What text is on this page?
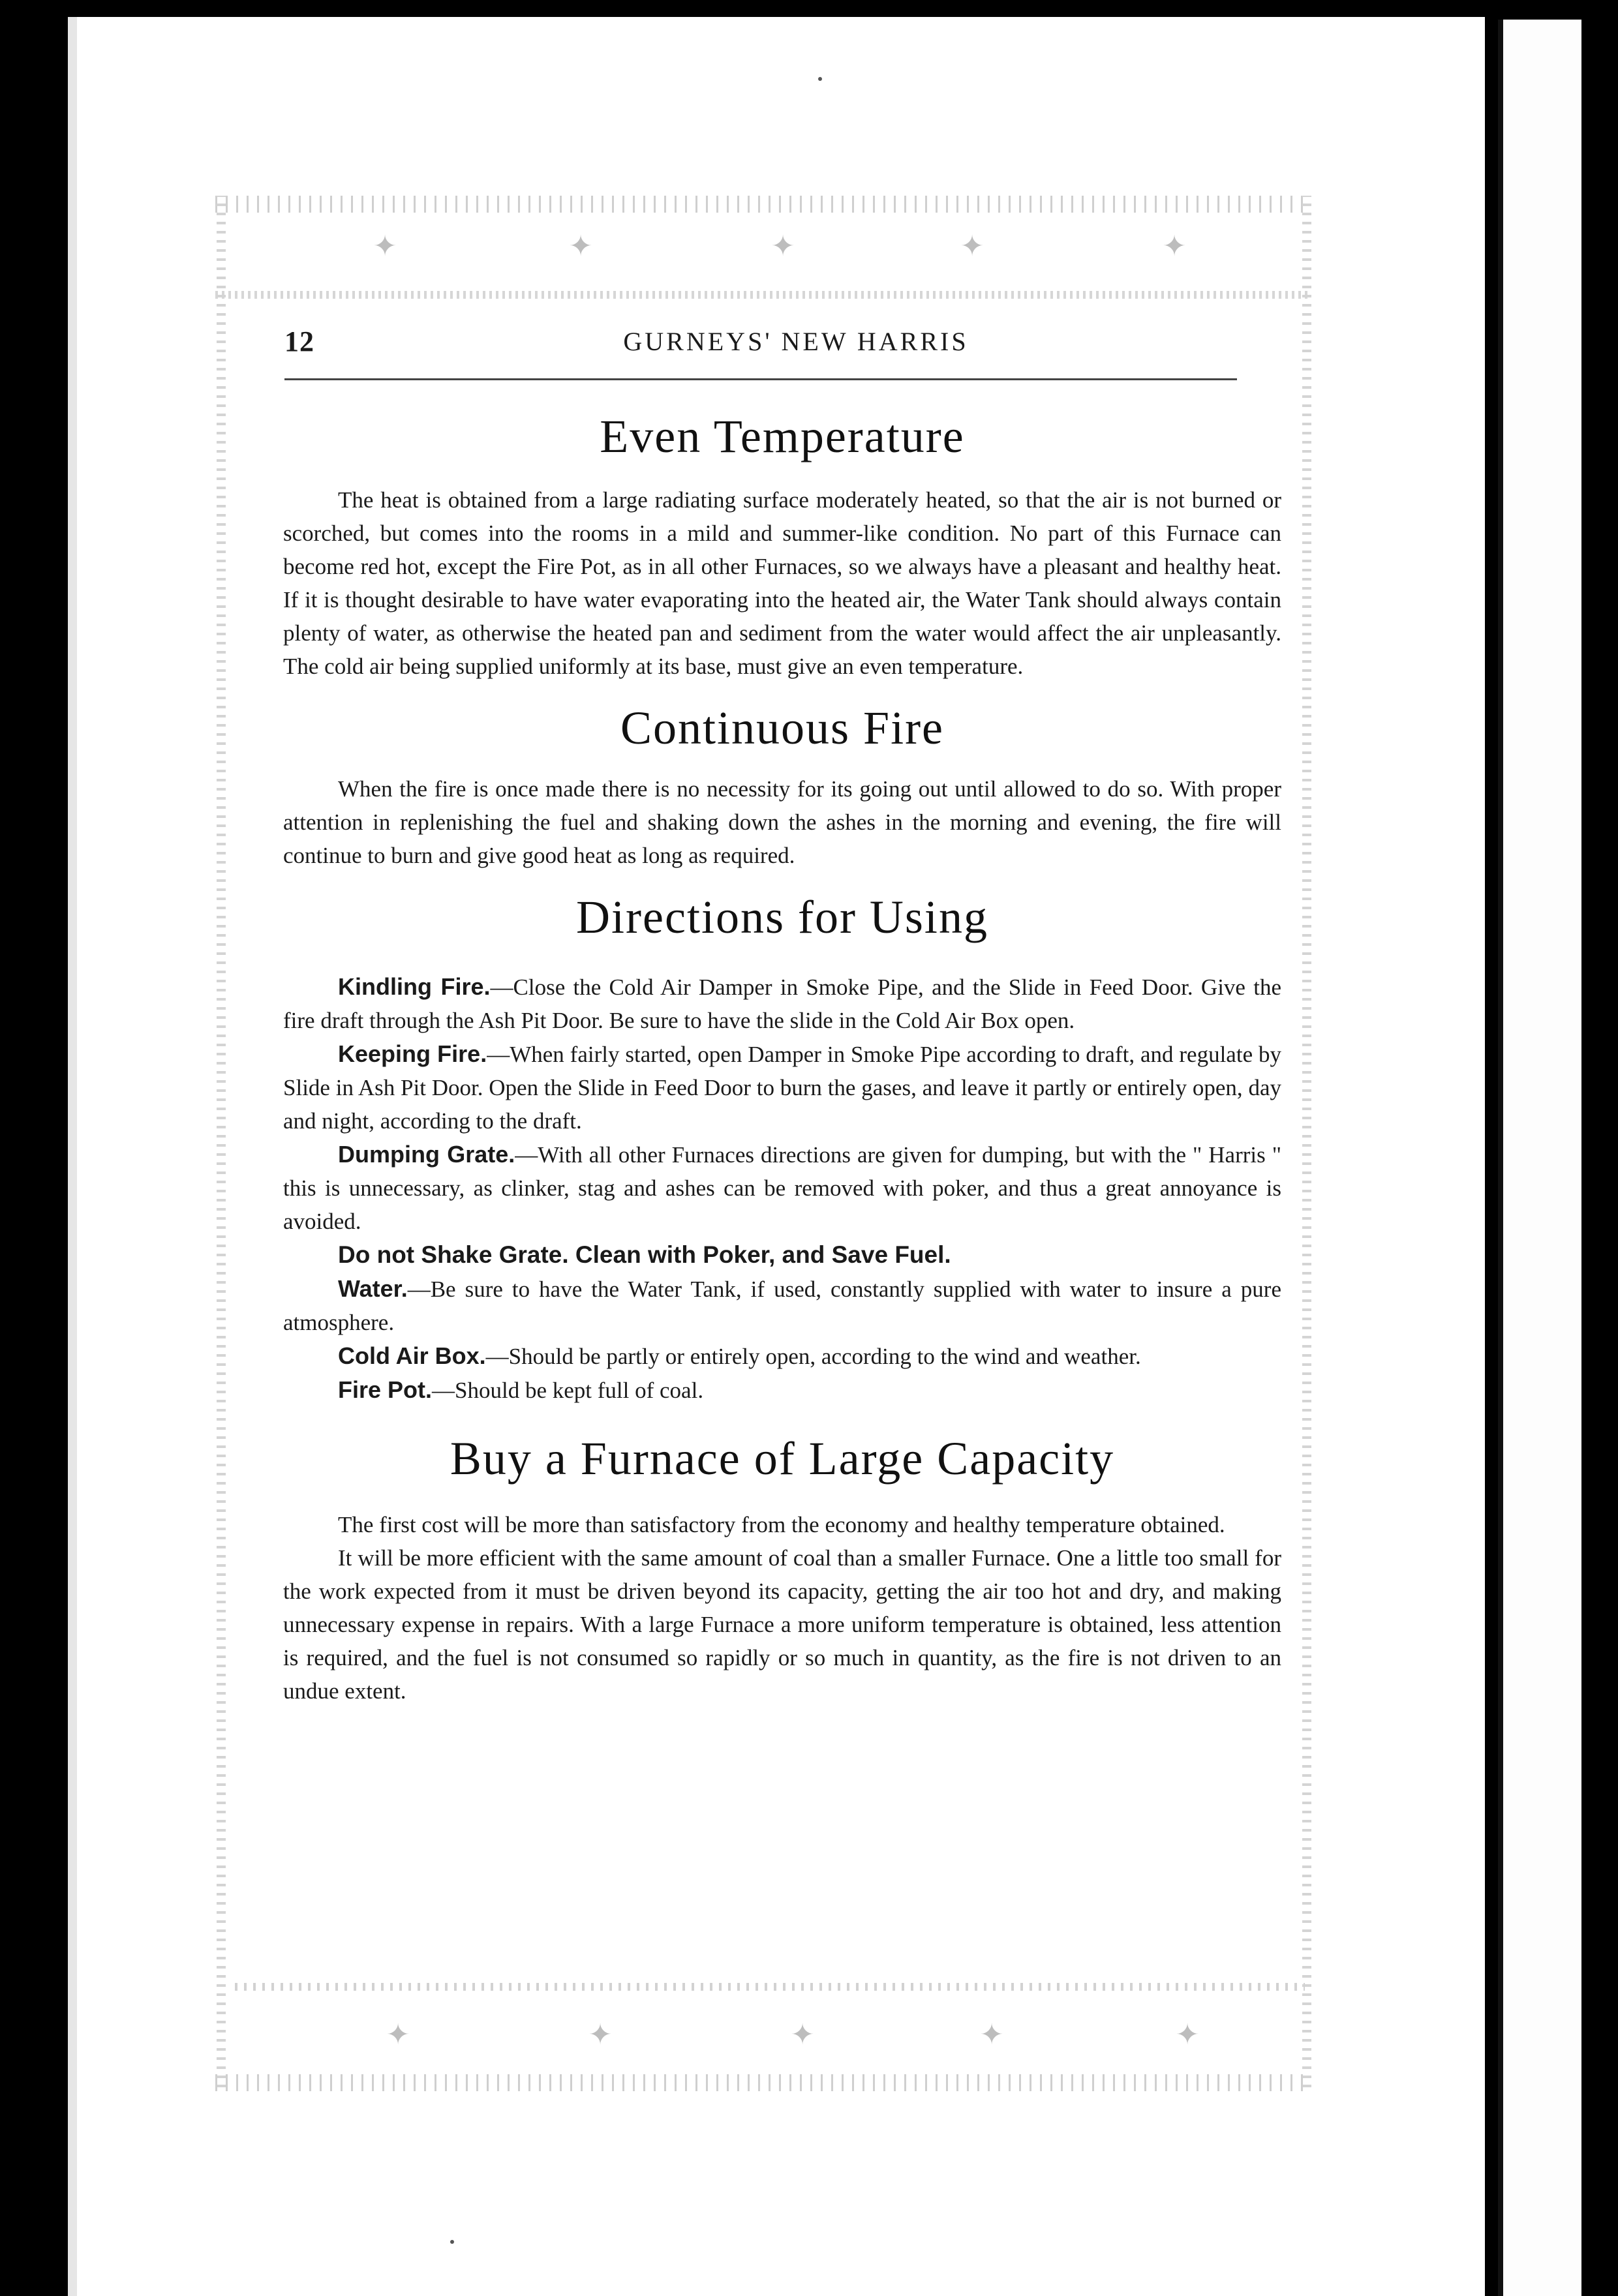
✦	✦	✦	✦	✦
12	GURNEYS' NEW HARRIS
Even Temperature

The heat is obtained from a large radiating surface moderately heated, so that the air is not burned or scorched, but comes into the rooms in a mild and summer-like condition. No part of this Furnace can become red hot, except the Fire Pot, as in all other Furnaces, so we always have a pleasant and healthy heat. If it is thought desirable to have water evaporating into the heated air, the Water Tank should always contain plenty of water, as otherwise the heated pan and sediment from the water would affect the air unpleasantly. The cold air being supplied uniformly at its base, must give an even temperature.

Continuous Fire

When the fire is once made there is no necessity for its going out until allowed to do so. With proper attention in replenishing the fuel and shaking down the ashes in the morning and evening, the fire will continue to burn and give good heat as long as required.

Directions for Using

Kindling Fire.—Close the Cold Air Damper in Smoke Pipe, and the Slide in Feed Door. Give the fire draft through the Ash Pit Door. Be sure to have the slide in the Cold Air Box open.

Keeping Fire.—When fairly started, open Damper in Smoke Pipe according to draft, and regulate by Slide in Ash Pit Door. Open the Slide in Feed Door to burn the gases, and leave it partly or entirely open, day and night, according to the draft.

Dumping Grate.—With all other Furnaces directions are given for dumping, but with the " Harris " this is unnecessary, as clinker, stag and ashes can be removed with poker, and thus a great annoyance is avoided.

Do not Shake Grate. Clean with Poker, and Save Fuel.

Water.—Be sure to have the Water Tank, if used, constantly supplied with water to insure a pure atmosphere.

Cold Air Box.—Should be partly or entirely open, according to the wind and weather.

Fire Pot.—Should be kept full of coal.

Buy a Furnace of Large Capacity

The first cost will be more than satisfactory from the economy and healthy temperature obtained.

It will be more efficient with the same amount of coal than a smaller Furnace. One a little too small for the work expected from it must be driven beyond its capacity, getting the air too hot and dry, and making unnecessary expense in repairs. With a large Furnace a more uniform temperature is obtained, less attention is required, and the fuel is not consumed so rapidly or so much in quantity, as the fire is not driven to an undue extent.

✦	✦	✦	✦	✦
